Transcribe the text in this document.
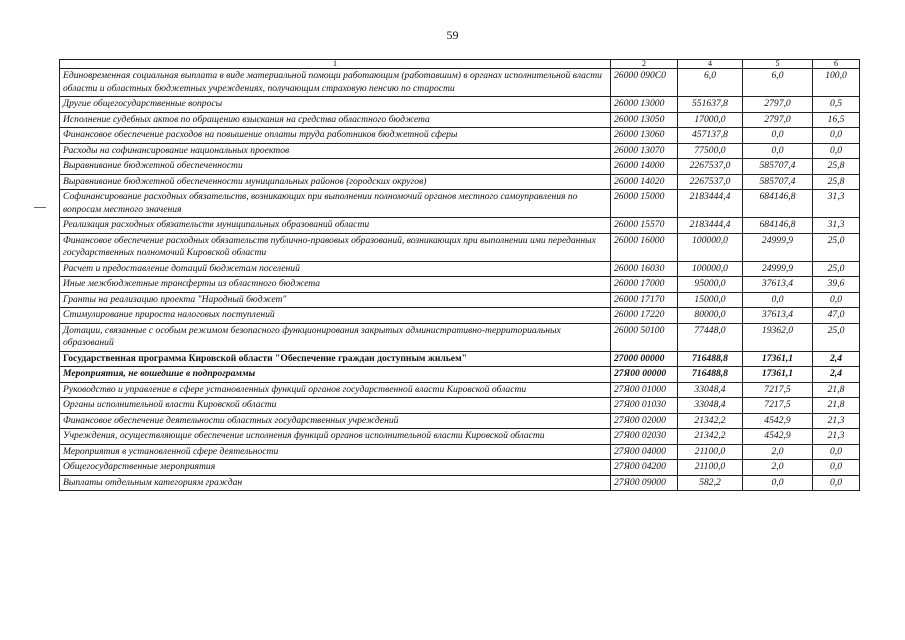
59
1	2	4	5	6
Единовременная социальная выплата в виде материальной помощи работающим (работавшим) в органах исполнительной власти области и областных бюджетных учреждениях, получающим страховую пенсию по старости	26000 090С0	6,0	6,0	100,0
Другие общегосударственные вопросы	26000 13000	551637,8	2797,0	0,5
Исполнение судебных актов по обращению взыскания на средства областного бюджета	26000 13050	17000,0	2797,0	16,5
Финансовое обеспечение расходов на повышение оплаты труда работников бюджетной сферы	26000 13060	457137,8	0,0	0,0
Расходы на софинансирование национальных проектов	26000 13070	77500,0	0,0	0,0
Выравнивание бюджетной обеспеченности	26000 14000	2267537,0	585707,4	25,8
Выравнивание бюджетной обеспеченности муниципальных районов (городских округов)	26000 14020	2267537,0	585707,4	25,8
Софинансирование расходных обязательств, возникающих при выполнении полномочий органов местного самоуправления по вопросам местного значения	26000 15000	2183444,4	684146,8	31,3
Реализация расходных обязательств муниципальных образований области	26000 15570	2183444,4	684146,8	31,3
Финансовое обеспечение расходных обязательств публично-правовых образований, возникающих при выполнении ими переданных государственных полномочий Кировской области	26000 16000	100000,0	24999,9	25,0
Расчет и предоставление дотаций бюджетам поселений	26000 16030	100000,0	24999,9	25,0
Иные межбюджетные трансферты из областного бюджета	26000 17000	95000,0	37613,4	39,6
Гранты на реализацию проекта "Народный бюджет"	26000 17170	15000,0	0,0	0,0
Стимулирование прироста налоговых поступлений	26000 17220	80000,0	37613,4	47,0
Дотации, связанные с особым режимом безопасного функционирования закрытых административно-территориальных образований	26000 50100	77448,0	19362,0	25,0
Государственная программа Кировской области "Обеспечение граждан доступным жильем"	27000 00000	716488,8	17361,1	2,4
Мероприятия, не вошедшие в подпрограммы	27Я00 00000	716488,8	17361,1	2,4
Руководство и управление в сфере установленных функций органов государственной власти Кировской области	27Я00 01000	33048,4	7217,5	21,8
Органы исполнительной власти Кировской области	27Я00 01030	33048,4	7217,5	21,8
Финансовое обеспечение деятельности областных государственных учреждений	27Я00 02000	21342,2	4542,9	21,3
Учреждения, осуществляющие обеспечение исполнения функций органов исполнительной власти Кировской области	27Я00 02030	21342,2	4542,9	21,3
Мероприятия в установленной сфере деятельности	27Я00 04000	21100,0	2,0	0,0
Общегосударственные мероприятия	27Я00 04200	21100,0	2,0	0,0
Выплаты отдельным категориям граждан	27Я00 09000	582,2	0,0	0,0
